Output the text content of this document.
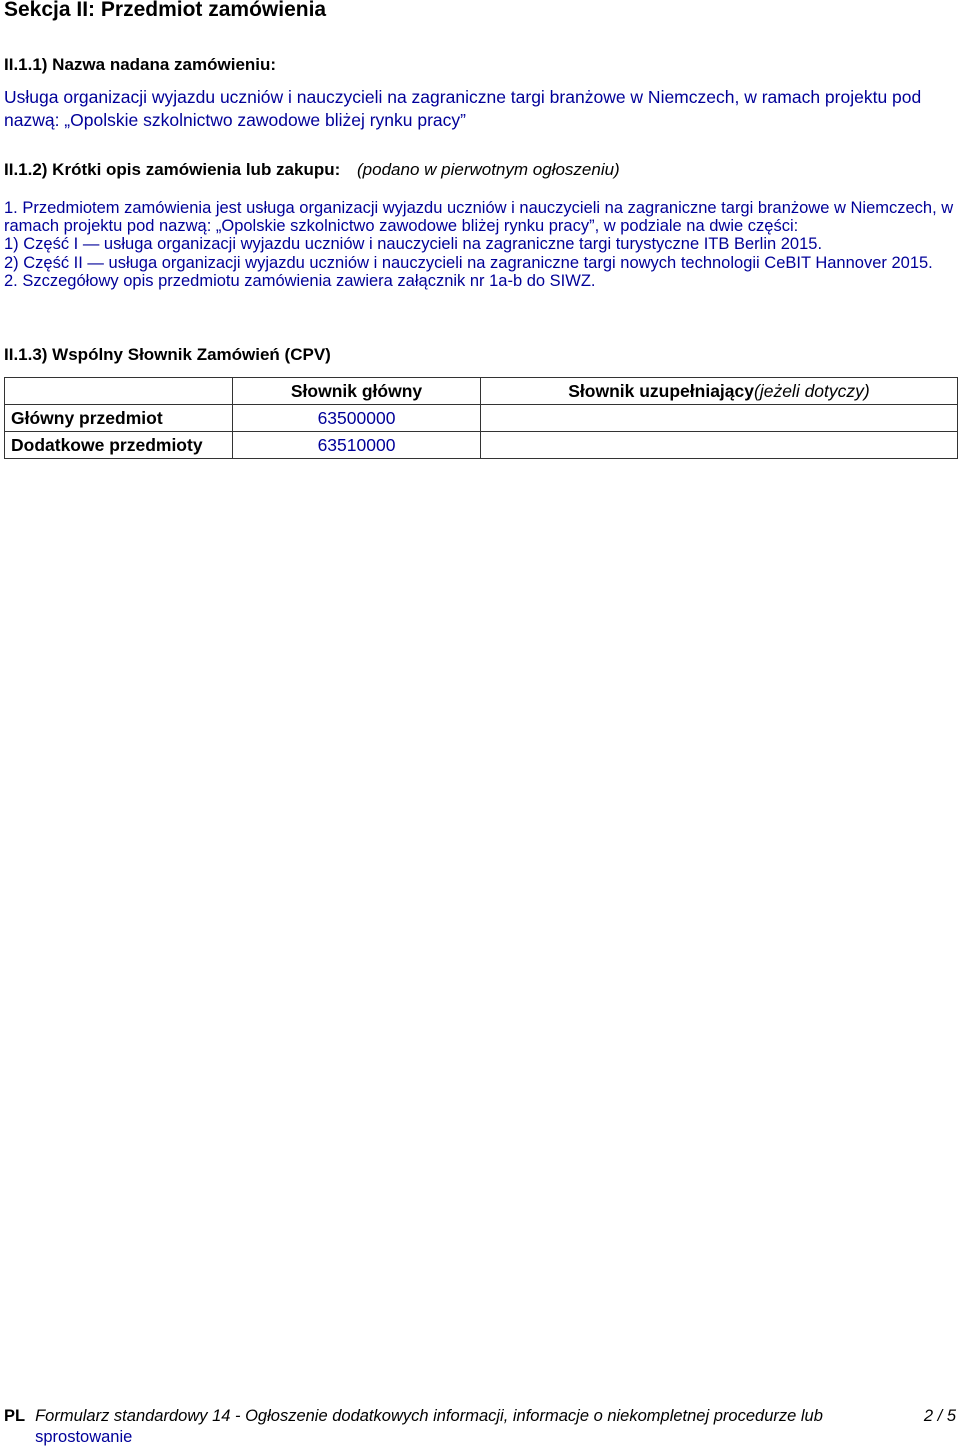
Sekcja II: Przedmiot zamówienia
II.1.1) Nazwa nadana zamówieniu:
Usługa organizacji wyjazdu uczniów i nauczycieli na zagraniczne targi branżowe w Niemczech, w ramach projektu pod nazwą: „Opolskie szkolnictwo zawodowe bliżej rynku pracy”
II.1.2) Krótki opis zamówienia lub zakupu: (podano w pierwotnym ogłoszeniu)
1. Przedmiotem zamówienia jest usługa organizacji wyjazdu uczniów i nauczycieli na zagraniczne targi branżowe w Niemczech, w ramach projektu pod nazwą: „Opolskie szkolnictwo zawodowe bliżej rynku pracy”, w podziale na dwie części:
1) Część I — usługa organizacji wyjazdu uczniów i nauczycieli na zagraniczne targi turystyczne ITB Berlin 2015.
2) Część II — usługa organizacji wyjazdu uczniów i nauczycieli na zagraniczne targi nowych technologii CeBIT Hannover 2015.
2. Szczegółowy opis przedmiotu zamówienia zawiera załącznik nr 1a-b do SIWZ.
II.1.3) Wspólny Słownik Zamówień (CPV)
	Słownik główny	Słownik uzupełniający(jeżeli dotyczy)
Główny przedmiot	63500000	
Dodatkowe przedmioty	63510000	
PL Formularz standardowy 14 - Ogłoszenie dodatkowych informacji, informacje o niekompletnej procedurze lub
sprostowanie
2 / 5
